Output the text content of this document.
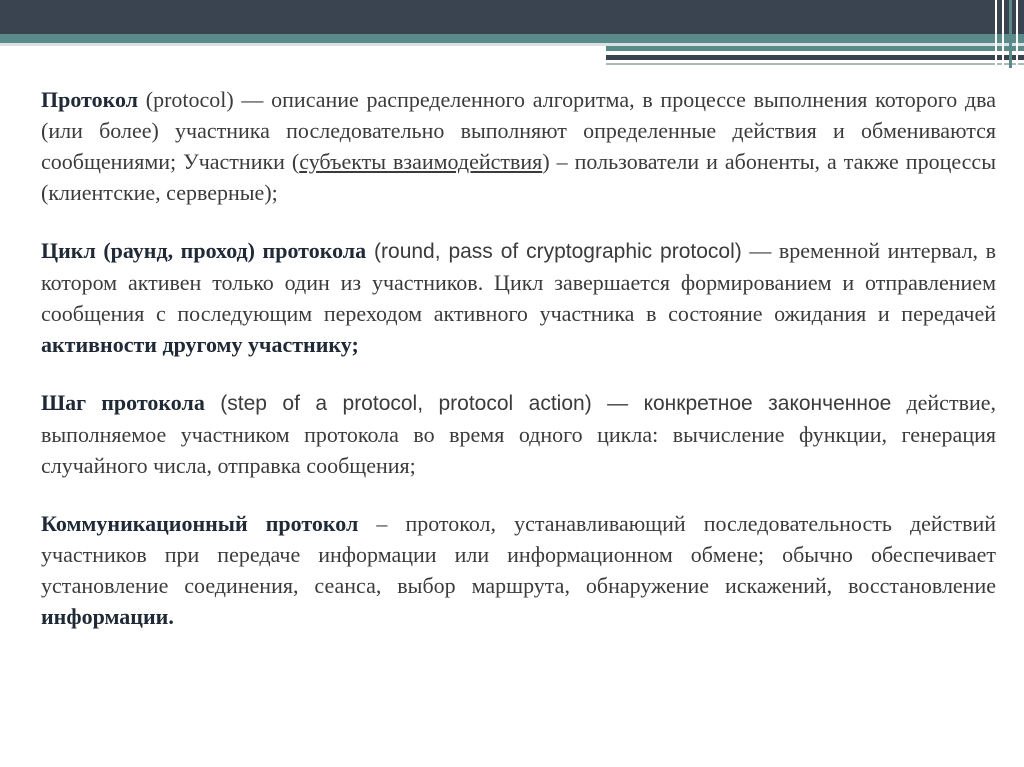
Протокол (protocol) — описание распределенного алгоритма, в процессе выполнения которого два (или более) участника последовательно выполняют определенные действия и обмениваются сообщениями; Участники (субъекты взаимодействия) – пользователи и абоненты, а также процессы (клиентские, серверные);

Цикл (раунд, проход) протокола (round, pass of cryptographic protocol) — временной интервал, в котором активен только один из участников. Цикл завершается формированием и отправлением сообщения с последующим переходом активного участника в состояние ожидания и передачей активности другому участнику;

Шаг протокола (step of a protocol, protocol action) — конкретное законченное действие, выполняемое участником протокола во время одного цикла: вычисление функции, генерация случайного числа, отправка сообщения;

Коммуникационный протокол – протокол, устанавливающий последовательность действий участников при передаче информации или информационном обмене; обычно обеспечивает установление соединения, сеанса, выбор маршрута, обнаружение искажений, восстановление информации.
